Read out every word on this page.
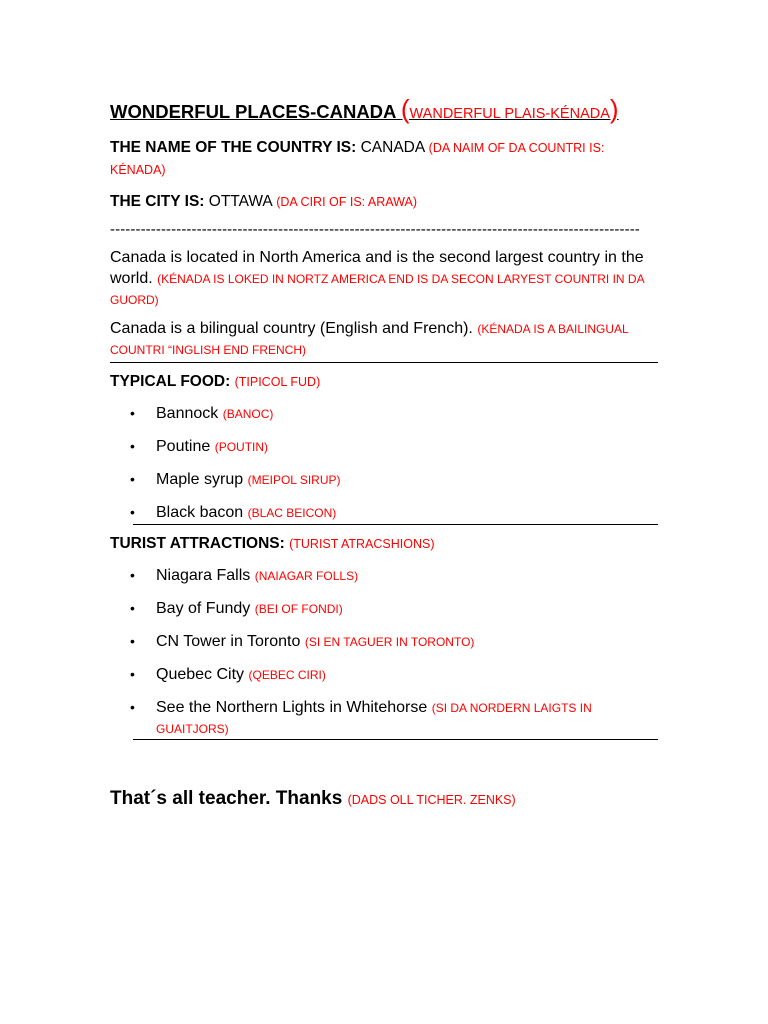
WONDERFUL PLACES-CANADA (WANDERFUL PLAIS-KÉNADA)
THE NAME OF THE COUNTRY IS: CANADA (DA NAIM OF DA COUNTRI IS: KÉNADA)
THE CITY IS: OTTAWA (DA CIRI OF IS: ARAWA)
--------------------------------------------------------------------------------------------------------
Canada is located in North America and is the second largest country in the world. (KÉNADA IS LOKED IN NORTZ AMERICA END IS DA SECON LARYEST COUNTRI IN DA GUORD)
Canada is a bilingual country (English and French). (KÉNADA IS A BAILINGUAL COUNTRI “INGLISH END FRENCH)
TYPICAL FOOD: (TIPICOL FUD)
• Bannock (BANOC)
• Poutine (POUTIN)
• Maple syrup (MEIPOL SIRUP)
• Black bacon (BLAC BEICON)
TURIST ATTRACTIONS: (TURIST ATRACSHIONS)
• Niagara Falls (NAIAGAR FOLLS)
• Bay of Fundy (BEI OF FONDI)
• CN Tower in Toronto (SI EN TAGUER IN TORONTO)
• Quebec City (QEBEC CIRI)
• See the Northern Lights in Whitehorse (SI DA NORDERN LAIGTS IN GUAITJORS)
That´s all teacher. Thanks (DADS OLL TICHER. ZENKS)
